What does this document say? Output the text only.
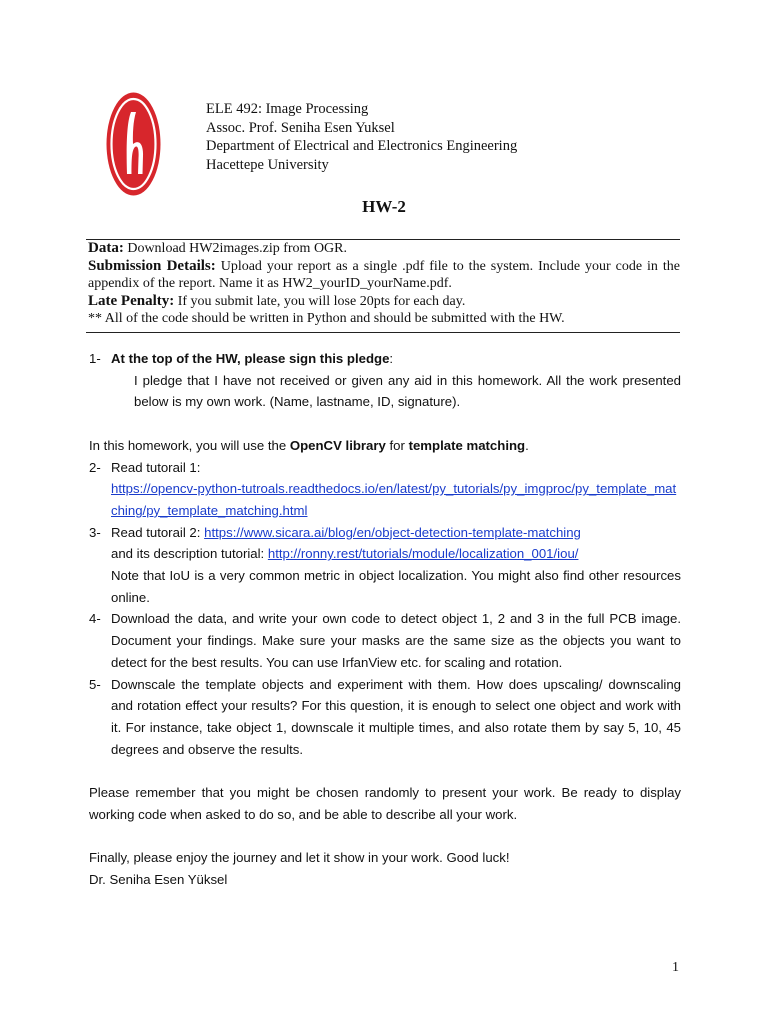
ELE 492: Image Processing
Assoc. Prof. Seniha Esen Yuksel
Department of Electrical and Electronics Engineering
Hacettepe University
HW-2

Data: Download HW2images.zip from OGR.

Submission Details: Upload your report as a single .pdf file to the system. Include your code in the appendix of the report. Name it as HW2_yourID_yourName.pdf.

Late Penalty: If you submit late, you will lose 20pts for each day.

** All of the code should be written in Python and should be submitted with the HW.

1- At the top of the HW, please sign this pledge:
I pledge that I have not received or given any aid in this homework. All the work presented below is my own work. (Name, lastname, ID, signature).

In this homework, you will use the OpenCV library for template matching.

2- Read tutorail 1:
https://opencv-python-tutroals.readthedocs.io/en/latest/py_tutorials/py_imgproc/py_template_matching/py_template_matching.html
3- Read tutorail 2: https://www.sicara.ai/blog/en/object-detection-template-matching
and its description tutorial: http://ronny.rest/tutorials/module/localization_001/iou/
Note that IoU is a very common metric in object localization. You might also find other resources online.
4- Download the data, and write your own code to detect object 1, 2 and 3 in the full PCB image. Document your findings. Make sure your masks are the same size as the objects you want to detect for the best results. You can use IrfanView etc. for scaling and rotation.
5- Downscale the template objects and experiment with them. How does upscaling/ downscaling and rotation effect your results? For this question, it is enough to select one object and work with it. For instance, take object 1, downscale it multiple times, and also rotate them by say 5, 10, 45 degrees and observe the results.

Please remember that you might be chosen randomly to present your work. Be ready to display working code when asked to do so, and be able to describe all your work.

Finally, please enjoy the journey and let it show in your work. Good luck!

Dr. Seniha Esen Yüksel

1
